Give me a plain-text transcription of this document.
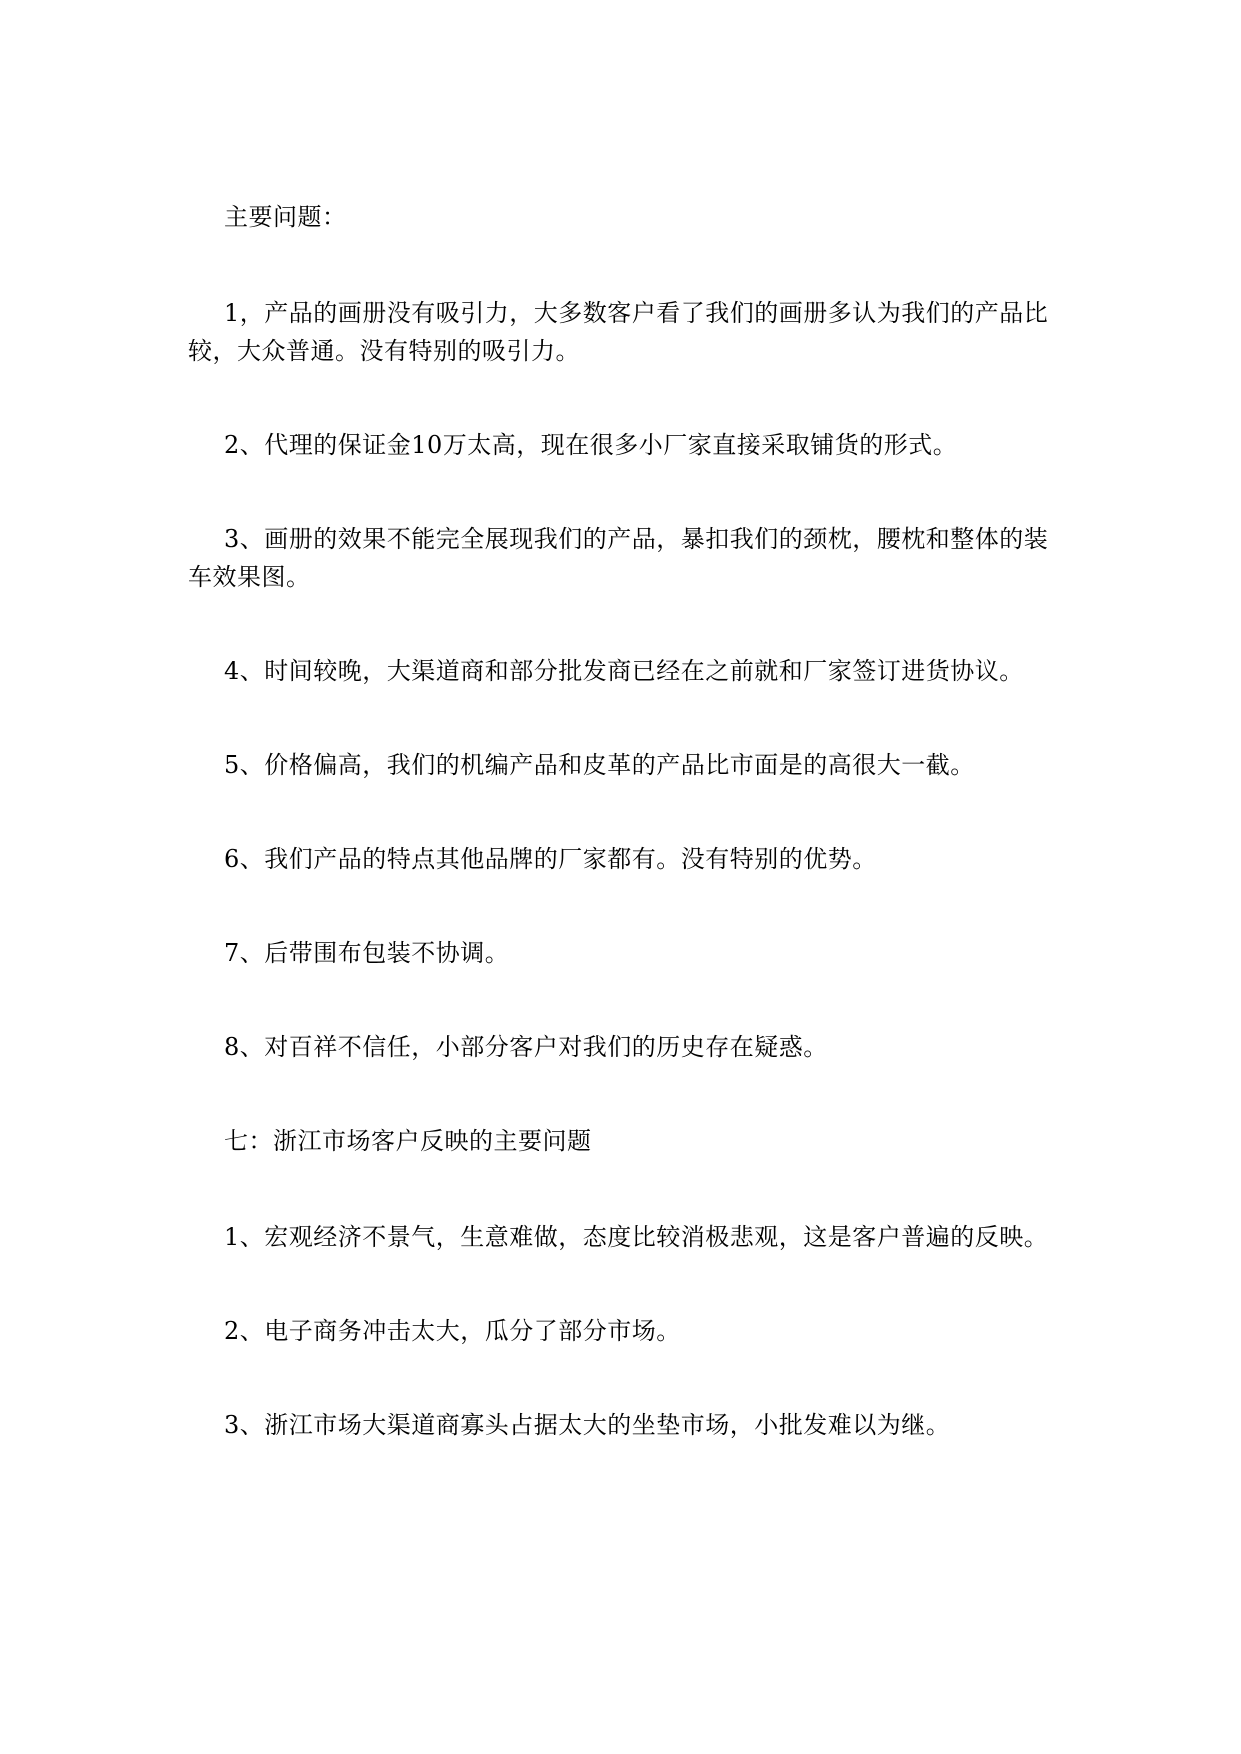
主要问题：

1，产品的画册没有吸引力，大多数客户看了我们的画册多认为我们的产品比较，大众普通。没有特别的吸引力。

2、代理的保证金10万太高，现在很多小厂家直接采取铺货的形式。

3、画册的效果不能完全展现我们的产品，暴扣我们的颈枕，腰枕和整体的装车效果图。

4、时间较晚，大渠道商和部分批发商已经在之前就和厂家签订进货协议。

5、价格偏高，我们的机编产品和皮革的产品比市面是的高很大一截。

6、我们产品的特点其他品牌的厂家都有。没有特别的优势。

7、后带围布包装不协调。

8、对百祥不信任，小部分客户对我们的历史存在疑惑。

七：浙江市场客户反映的主要问题

1、宏观经济不景气，生意难做，态度比较消极悲观，这是客户普遍的反映。

2、电子商务冲击太大，瓜分了部分市场。

3、浙江市场大渠道商寡头占据太大的坐垫市场，小批发难以为继。
